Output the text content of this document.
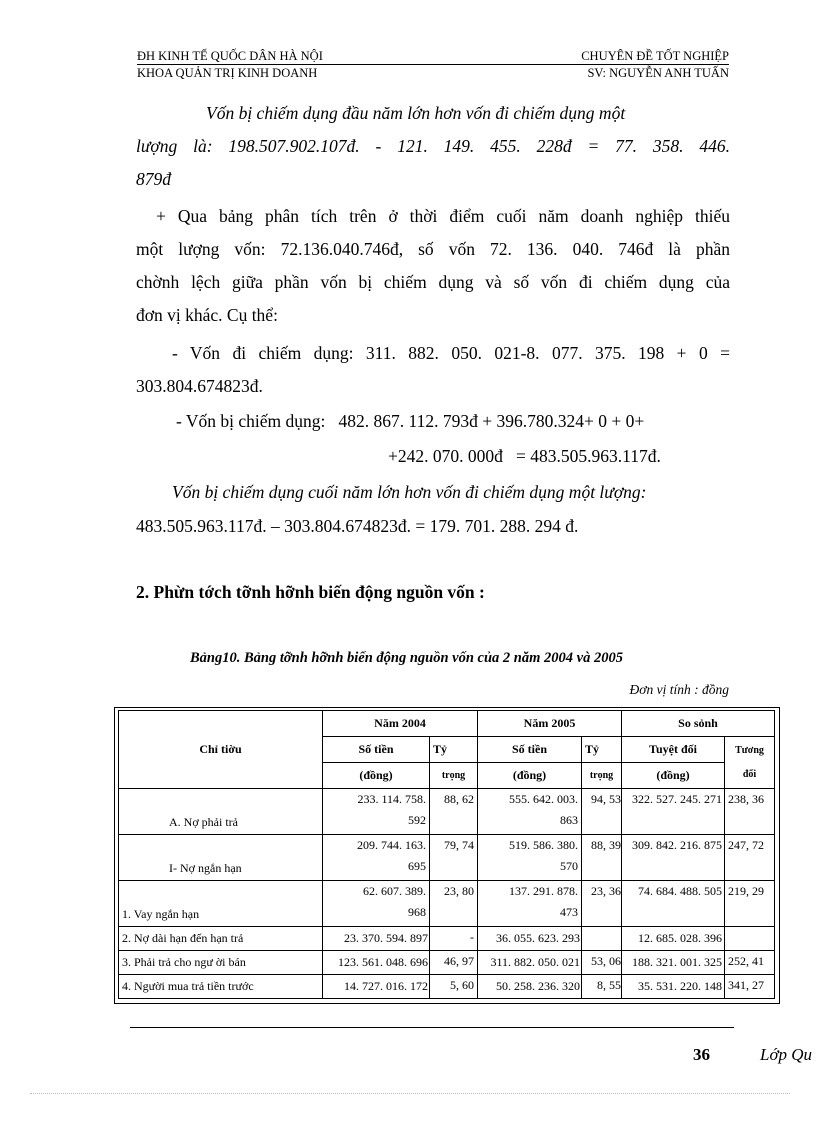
ĐH KINH TẾ QUỐC DÂN HÀ NỘI	CHUYÊN ĐỀ TỐT NGHIỆP
KHOA QUẢN TRỊ KINH DOANH	SV: NGUYỄN ANH TUẤN
Vốn bị chiếm dụng đầu năm lớn hơn vốn đi chiếm dụng một
lượng là: 198.507.902.107đ. - 121. 149. 455. 228đ = 77. 358. 446.
879đ
+ Qua bảng phân tích trên ở thời điểm cuối năm doanh nghiệp thiếu
một lượng vốn: 72.136.040.746đ, số vốn 72. 136. 040. 746đ là phần
chờnh lệch giữa phần vốn bị chiếm dụng và số vốn đi chiếm dụng của
đơn vị khác. Cụ thể:
- Vốn đi chiếm dụng: 311. 882. 050. 021-8. 077. 375. 198 + 0 =
303.804.674823đ.
- Vốn bị chiếm dụng:   482. 867. 112. 793đ + 396.780.324+ 0 + 0+
+242. 070. 000đ   = 483.505.963.117đ.
Vốn bị chiếm dụng cuối năm lớn hơn vốn đi chiếm dụng một lượng:
483.505.963.117đ. – 303.804.674823đ. = 179. 701. 288. 294 đ.
2. Phừn tớch tỡnh hỡnh biến động nguồn vốn :
Bảng10. Bảng tỡnh hỡnh biến động nguồn vốn của 2 năm 2004 và 2005
Đơn vị tính : đồng
Chỉ tiờu	Năm 2004		Năm 2005		So sỏnh	
	Số tiền	Tỷ	Số tiền	Tỷ	Tuyệt đối	Tương
đối
	(đồng)	trọng	(đồng)	trọng	(đồng)	
A. Nợ phải trả	233. 114. 758.
592	88, 62	555. 642. 003.
863	94, 53	322. 527. 245. 271	238, 36
I- Nợ ngắn hạn	209. 744. 163.
695	79, 74	519. 586. 380.
570	88, 39	309. 842. 216. 875	247, 72
1. Vay ngắn hạn	62. 607. 389.
968	23, 80	137. 291. 878.
473	23, 36	74. 684. 488. 505	219, 29
2. Nợ dài hạn đến hạn trả	23. 370. 594. 897	-	36. 055. 623. 293		12. 685. 028. 396	
3. Phải trả cho ngư ời bán	123. 561. 048. 696	46, 97	311. 882. 050. 021	53, 06	188. 321. 001. 325	252, 41
4. Người mua trả tiền trước	14. 727. 016. 172	5, 60	50. 258. 236. 320	8, 55	35. 531. 220. 148	341, 27
36	Lớp Qu
